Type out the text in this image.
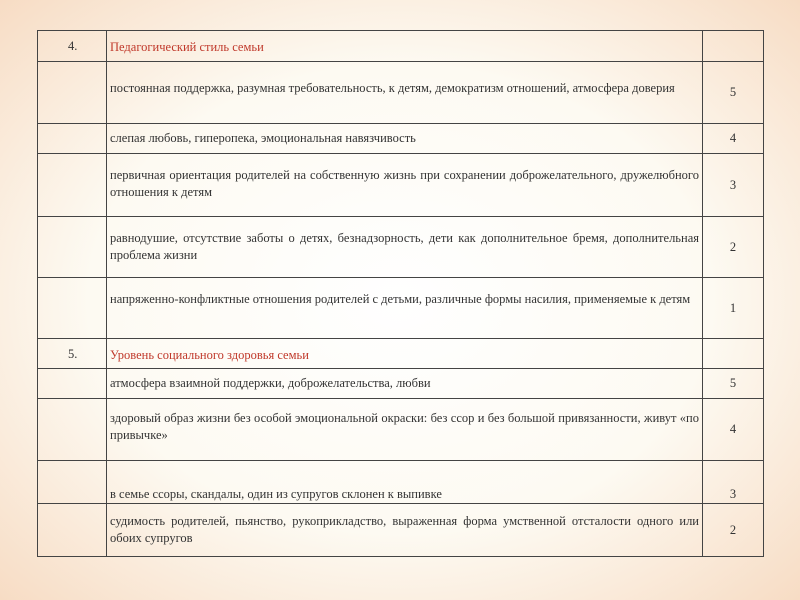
4.	Педагогический стиль семьи	
	постоянная поддержка, разумная требовательность, к детям, демократизм отношений, атмосфера доверия	5
	слепая любовь, гиперопека, эмоциональная навязчивость	4
	первичная ориентация родителей на собственную жизнь при сохранении доброжелательного, дружелюбного отношения к детям	3
	равнодушие, отсутствие заботы о детях, безнадзорность, дети как дополнительное бремя, дополнительная проблема жизни	2
	напряженно-конфликтные отношения родителей с детьми, различные формы насилия, применяемые к детям	1
5.	Уровень социального здоровья семьи	
	атмосфера взаимной поддержки, доброжелательства, любви	5
	здоровый образ жизни без особой эмоциональной окраски: без ссор и без большой привязанности, живут «по привычке»	4
	в семье ссоры, скандалы, один из супругов склонен к выпивке	3
	судимость родителей, пьянство, рукоприкладство, выраженная форма умственной отсталости одного или обоих супругов	2
